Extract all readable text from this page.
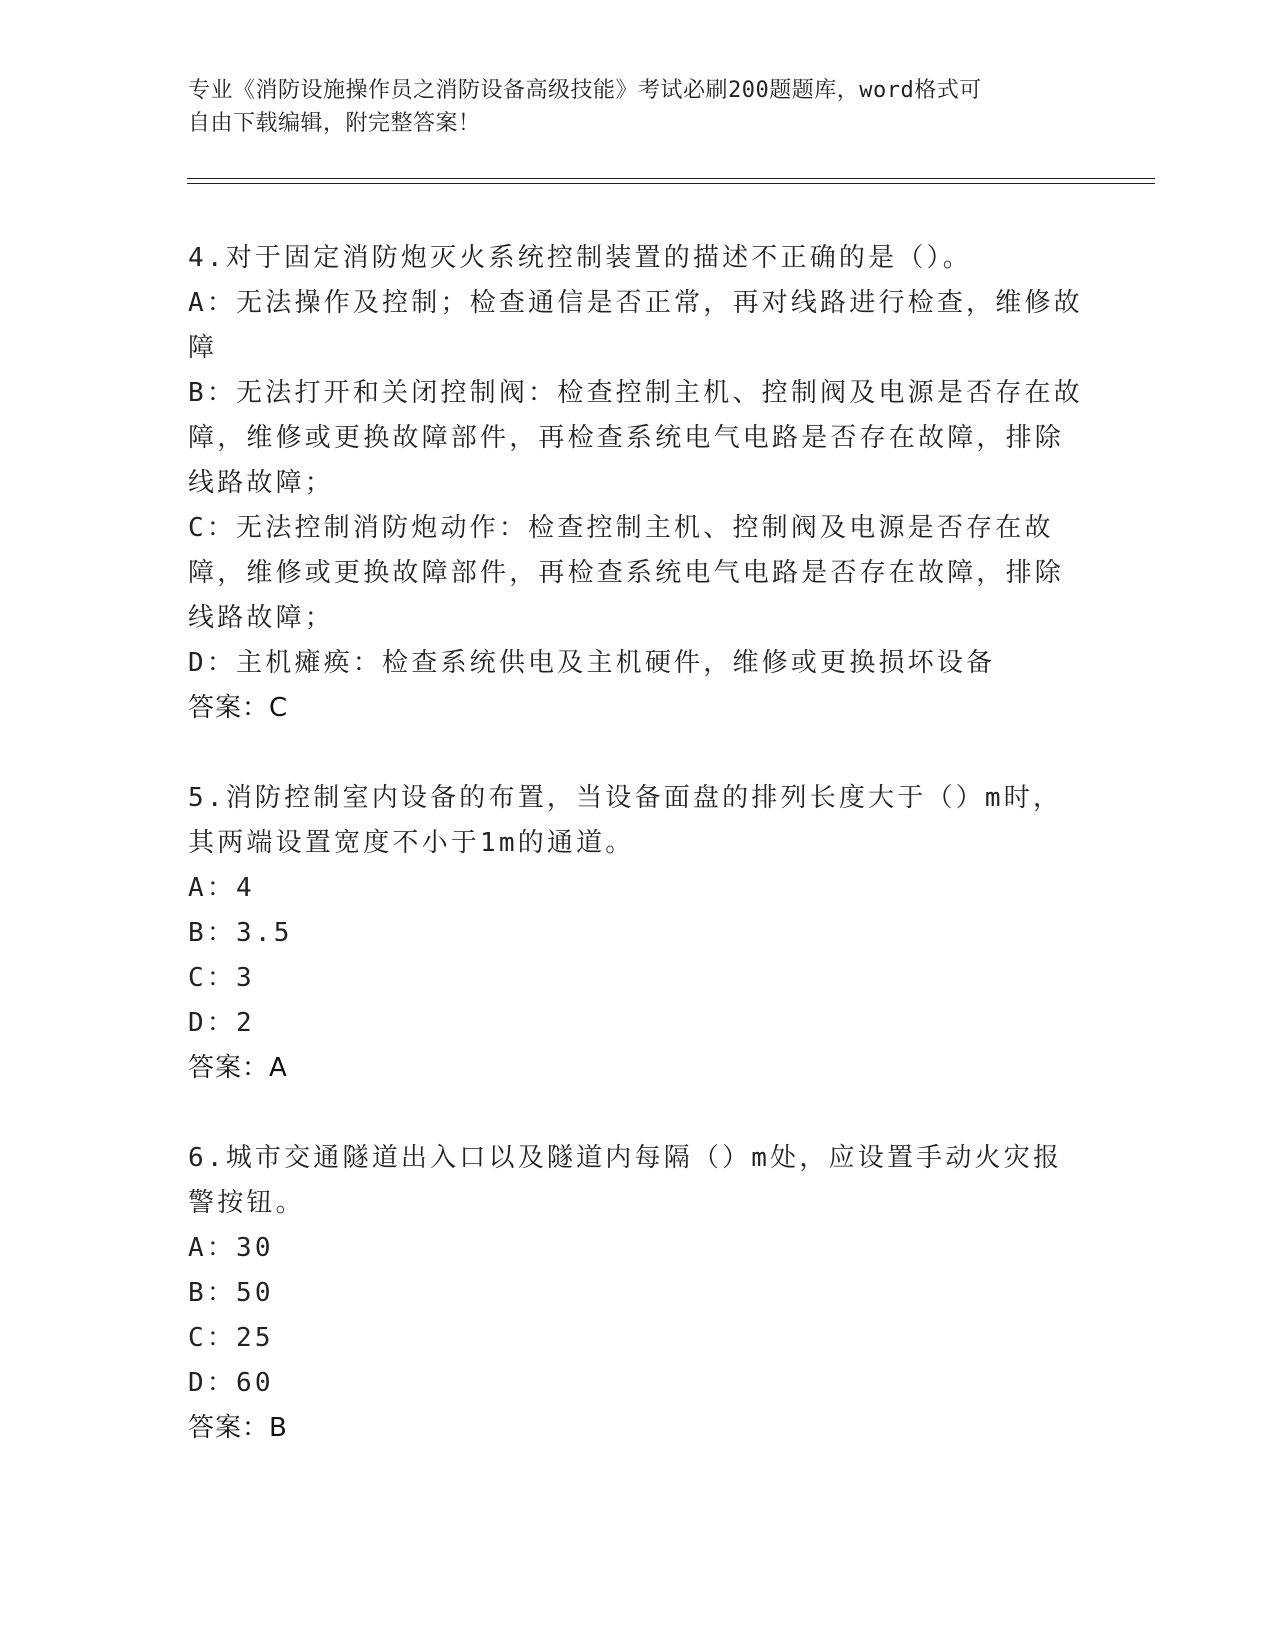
专业《消防设施操作员之消防设备高级技能》考试必刷200题题库，word格式可
自由下载编辑，附完整答案！

4.对于固定消防炮灭火系统控制装置的描述不正确的是（）。

A：无法操作及控制；检查通信是否正常，再对线路进行检查，维修故障

B：无法打开和关闭控制阀：检查控制主机、控制阀及电源是否存在故障，维修或更换故障部件，再检查系统电气电路是否存在故障，排除线路故障；

C：无法控制消防炮动作：检查控制主机、控制阀及电源是否存在故障，维修或更换故障部件，再检查系统电气电路是否存在故障，排除线路故障；

D：主机瘫痪：检查系统供电及主机硬件，维修或更换损坏设备

答案：C

5.消防控制室内设备的布置，当设备面盘的排列长度大于（）m时，其两端设置宽度不小于1m的通道。

A：4

B：3.5

C：3

D：2

答案：A

6.城市交通隧道出入口以及隧道内每隔（）m处，应设置手动火灾报警按钮。

A：30

B：50

C：25

D：60

答案：B
